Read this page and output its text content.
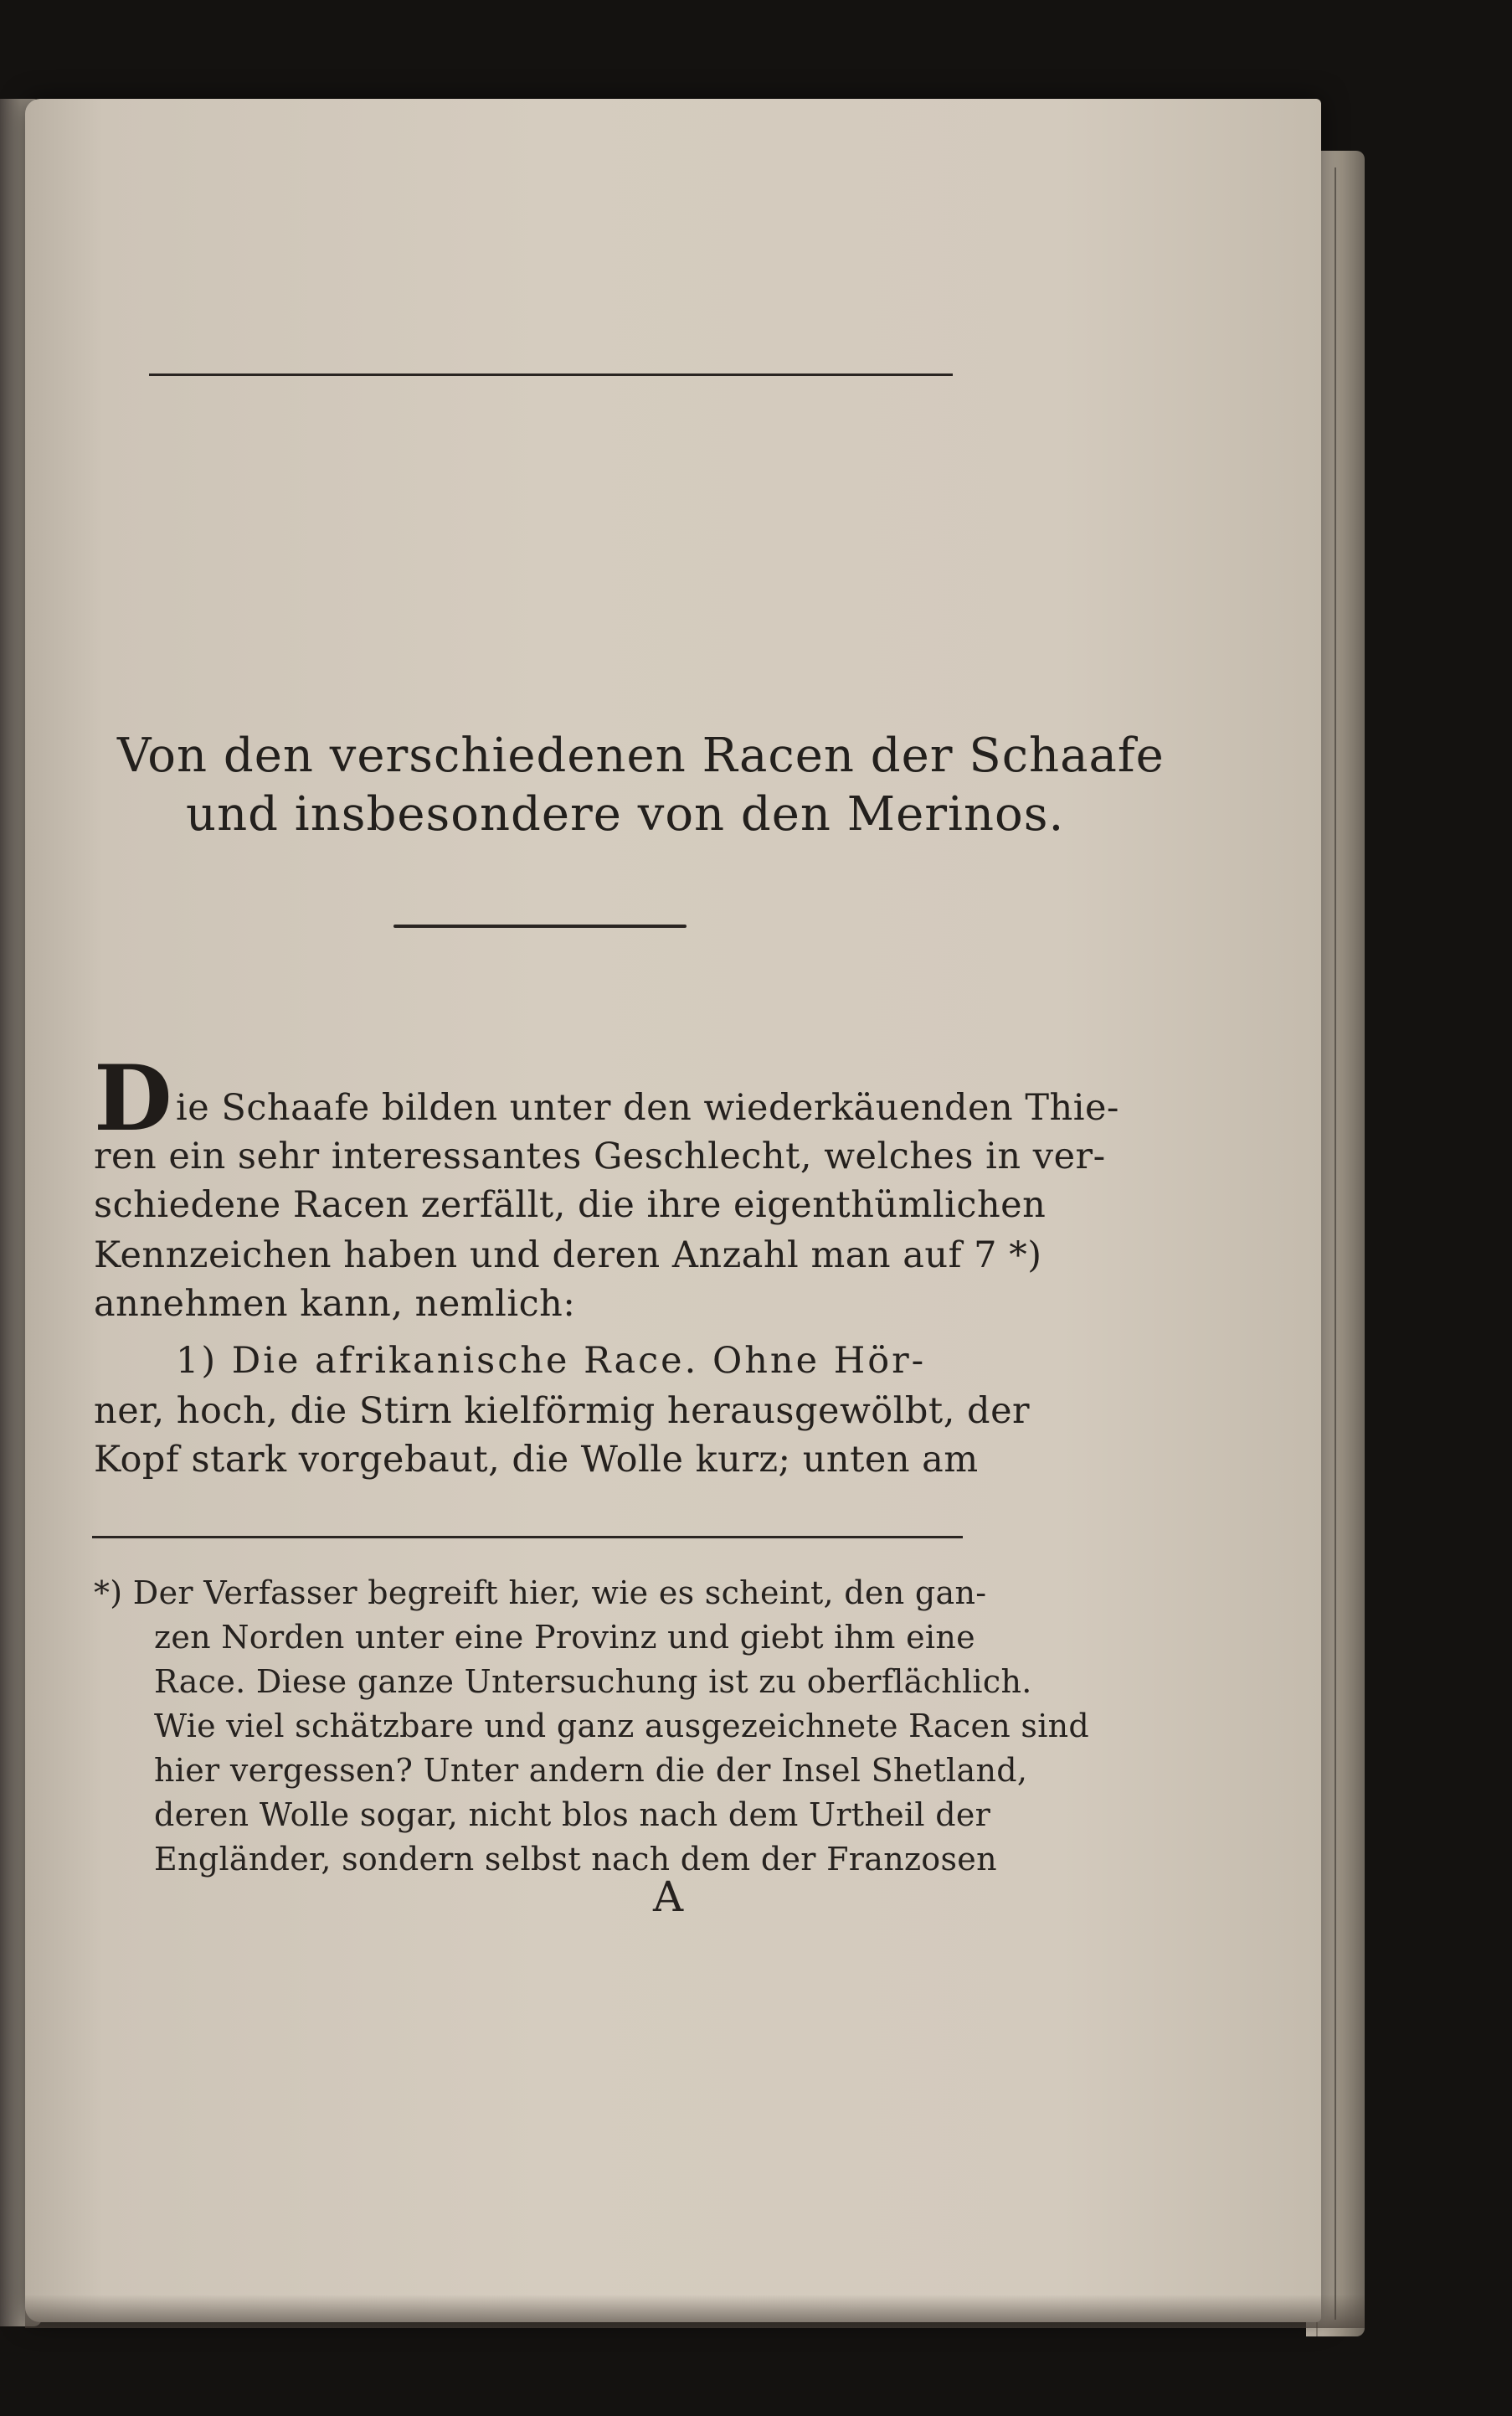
Von den verschiedenen Racen der Schaafe
und insbesondere von den Merinos.
D ie Schaafe bilden unter den wiederkäuenden Thie-
ren ein sehr interessantes Geschlecht, welches in ver-
schiedene Racen zerfällt, die ihre eigenthümlichen
Kennzeichen haben und deren Anzahl man auf 7 *)
annehmen kann, nemlich:
1) Die afrikanische Race. Ohne Hör-
ner, hoch, die Stirn kielförmig herausgewölbt, der
Kopf stark vorgebaut, die Wolle kurz; unten am
*) Der Verfasser begreift hier, wie es scheint, den gan-
zen Norden unter eine Provinz und giebt ihm eine
Race. Diese ganze Untersuchung ist zu oberflächlich.
Wie viel schätzbare und ganz ausgezeichnete Racen sind
hier vergessen? Unter andern die der Insel Shetland,
deren Wolle sogar, nicht blos nach dem Urtheil der
Engländer, sondern selbst nach dem der Franzosen
A
